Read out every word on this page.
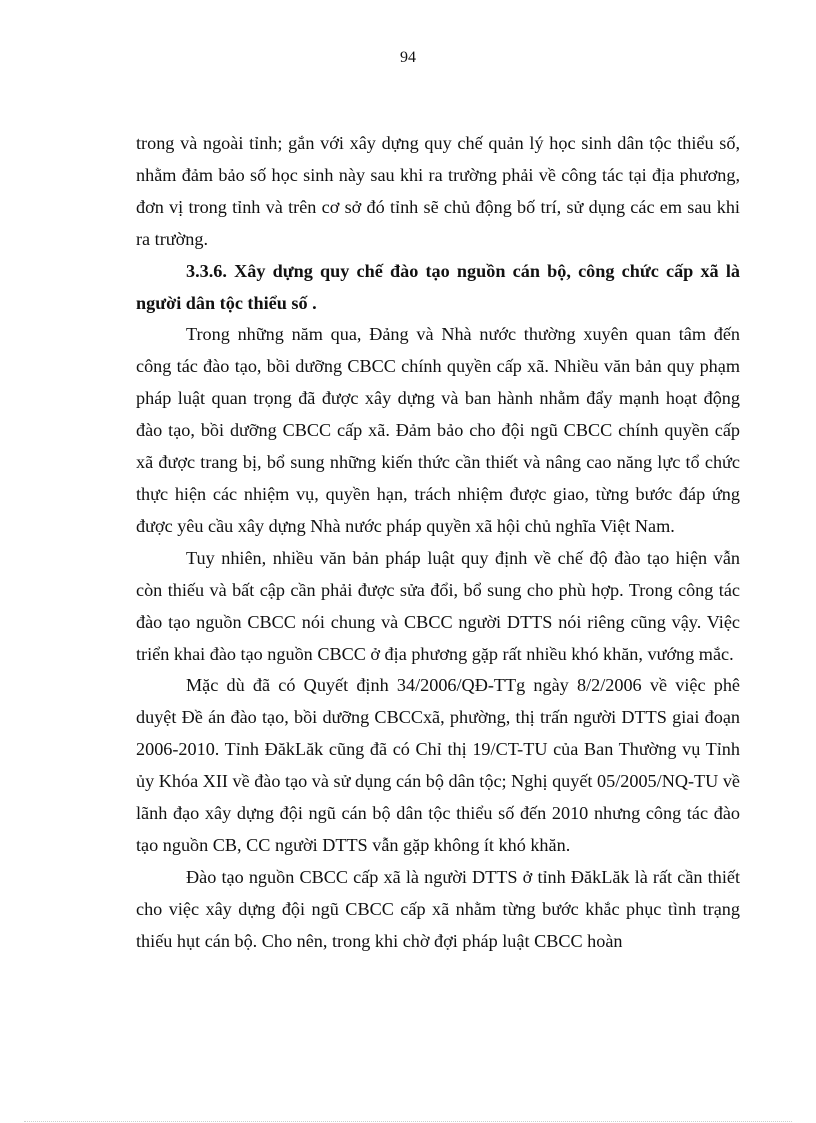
94

trong và ngoài tỉnh; gắn với xây dựng quy chế quản lý học sinh dân tộc thiểu số, nhằm đảm bảo số học sinh này sau khi ra trường phải về công tác tại địa phương, đơn vị trong tỉnh và trên cơ sở đó tỉnh sẽ chủ động bố trí, sử dụng các em sau khi ra trường.

3.3.6. Xây dựng quy chế đào tạo nguồn cán bộ, công chức cấp xã là người dân tộc thiểu số .

Trong những năm qua, Đảng và Nhà nước thường xuyên quan tâm đến công tác đào tạo, bồi dưỡng CBCC chính quyền cấp xã. Nhiều văn bản quy phạm pháp luật quan trọng đã được xây dựng và ban hành nhằm đẩy mạnh hoạt động đào tạo, bồi dưỡng CBCC cấp xã. Đảm bảo cho đội ngũ CBCC chính quyền cấp xã được trang bị, bổ sung những kiến thức cần thiết và nâng cao năng lực tổ chức thực hiện các nhiệm vụ, quyền hạn, trách nhiệm được giao, từng bước đáp ứng được yêu cầu xây dựng Nhà nước pháp quyền xã hội chủ nghĩa Việt Nam.

Tuy nhiên, nhiều văn bản pháp luật quy định về chế độ đào tạo hiện vẫn còn thiếu và bất cập cần phải được sửa đổi, bổ sung cho phù hợp. Trong công tác đào tạo nguồn CBCC nói chung và CBCC người DTTS nói riêng cũng vậy. Việc triển khai đào tạo nguồn CBCC ở địa phương gặp rất nhiều khó khăn, vướng mắc.

Mặc dù đã có Quyết định 34/2006/QĐ-TTg ngày 8/2/2006 về việc phê duyệt Đề án đào tạo, bồi dưỡng CBCCxã, phường, thị trấn người DTTS giai đoạn 2006-2010. Tỉnh ĐăkLăk cũng đã có Chỉ thị 19/CT-TU của Ban Thường vụ Tỉnh ủy Khóa XII về đào tạo và sử dụng cán bộ dân tộc; Nghị quyết 05/2005/NQ-TU về lãnh đạo xây dựng đội ngũ cán bộ dân tộc thiểu số đến 2010 nhưng công tác đào tạo nguồn CB, CC người DTTS vẫn gặp không ít khó khăn.

Đào tạo nguồn CBCC cấp xã là người DTTS ở tỉnh ĐăkLăk là rất cần thiết cho việc xây dựng đội ngũ CBCC cấp xã nhằm từng bước khắc phục tình trạng thiếu hụt cán bộ. Cho nên, trong khi chờ đợi pháp luật CBCC hoàn
